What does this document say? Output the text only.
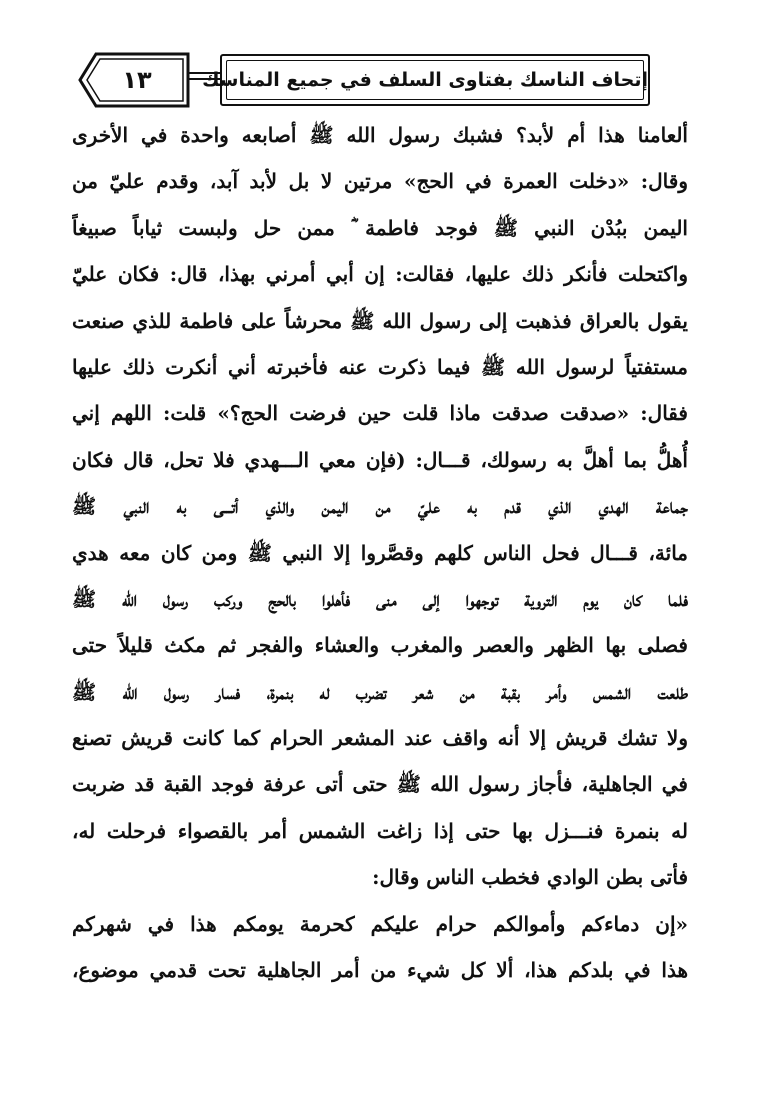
١٣	إتحاف الناسك بفتاوى السلف في جميع المناسك
ألعامنا هذا أم لأبد؟ فشبك رسول الله ﷺ أصابعه واحدة في الأخرى
وقال: «دخلت العمرة في الحج» مرتين لا بل لأبد آبد، وقدم عليّ من
اليمن ببُدْن النبي ﷺ فوجد فاطمة ؓ ممن حل ولبست ثياباً صبيغاً
واكتحلت فأنكر ذلك عليها، فقالت: إن أبي أمرني بهذا، قال: فكان عليّ
يقول بالعراق فذهبت إلى رسول الله ﷺ محرشاً على فاطمة للذي صنعت
مستفتياً لرسول الله ﷺ فيما ذكرت عنه فأخبرته أني أنكرت ذلك عليها
فقال: «صدقت صدقت ماذا قلت حين فرضت الحج؟» قلت: اللهم إني
أُهلُّ بما أهلَّ به رسولك، قـــال: (فإن معي الـــهدي فلا تحل، قال فكان
جماعة الهدي الذي قدم به عليّ من اليمن والذي أتـــى به النبي ﷺ
مائة، قـــال فحل الناس كلهم وقصَّروا إلا النبي ﷺ ومن كان معه هدي
فلما كان يوم التروية توجهوا إلى منى فأهلوا بالحج وركب رسول الله ﷺ
فصلى بها الظهر والعصر والمغرب والعشاء والفجر ثم مكث قليلاً حتى
طلعت الشمس وأمر بقبة من شعر تضرب له بنمرة، فسار رسول الله ﷺ
ولا تشك قريش إلا أنه واقف عند المشعر الحرام كما كانت قريش تصنع
في الجاهلية، فأجاز رسول الله ﷺ حتى أتى عرفة فوجد القبة قد ضربت
له بنمرة فنـــزل بها حتى إذا زاغت الشمس أمر بالقصواء فرحلت له،
فأتى بطن الوادي فخطب الناس وقال:
«إن دماءكم وأموالكم حرام عليكم كحرمة يومكم هذا في شهركم
هذا في بلدكم هذا، ألا كل شيء من أمر الجاهلية تحت قدمي موضوع،
